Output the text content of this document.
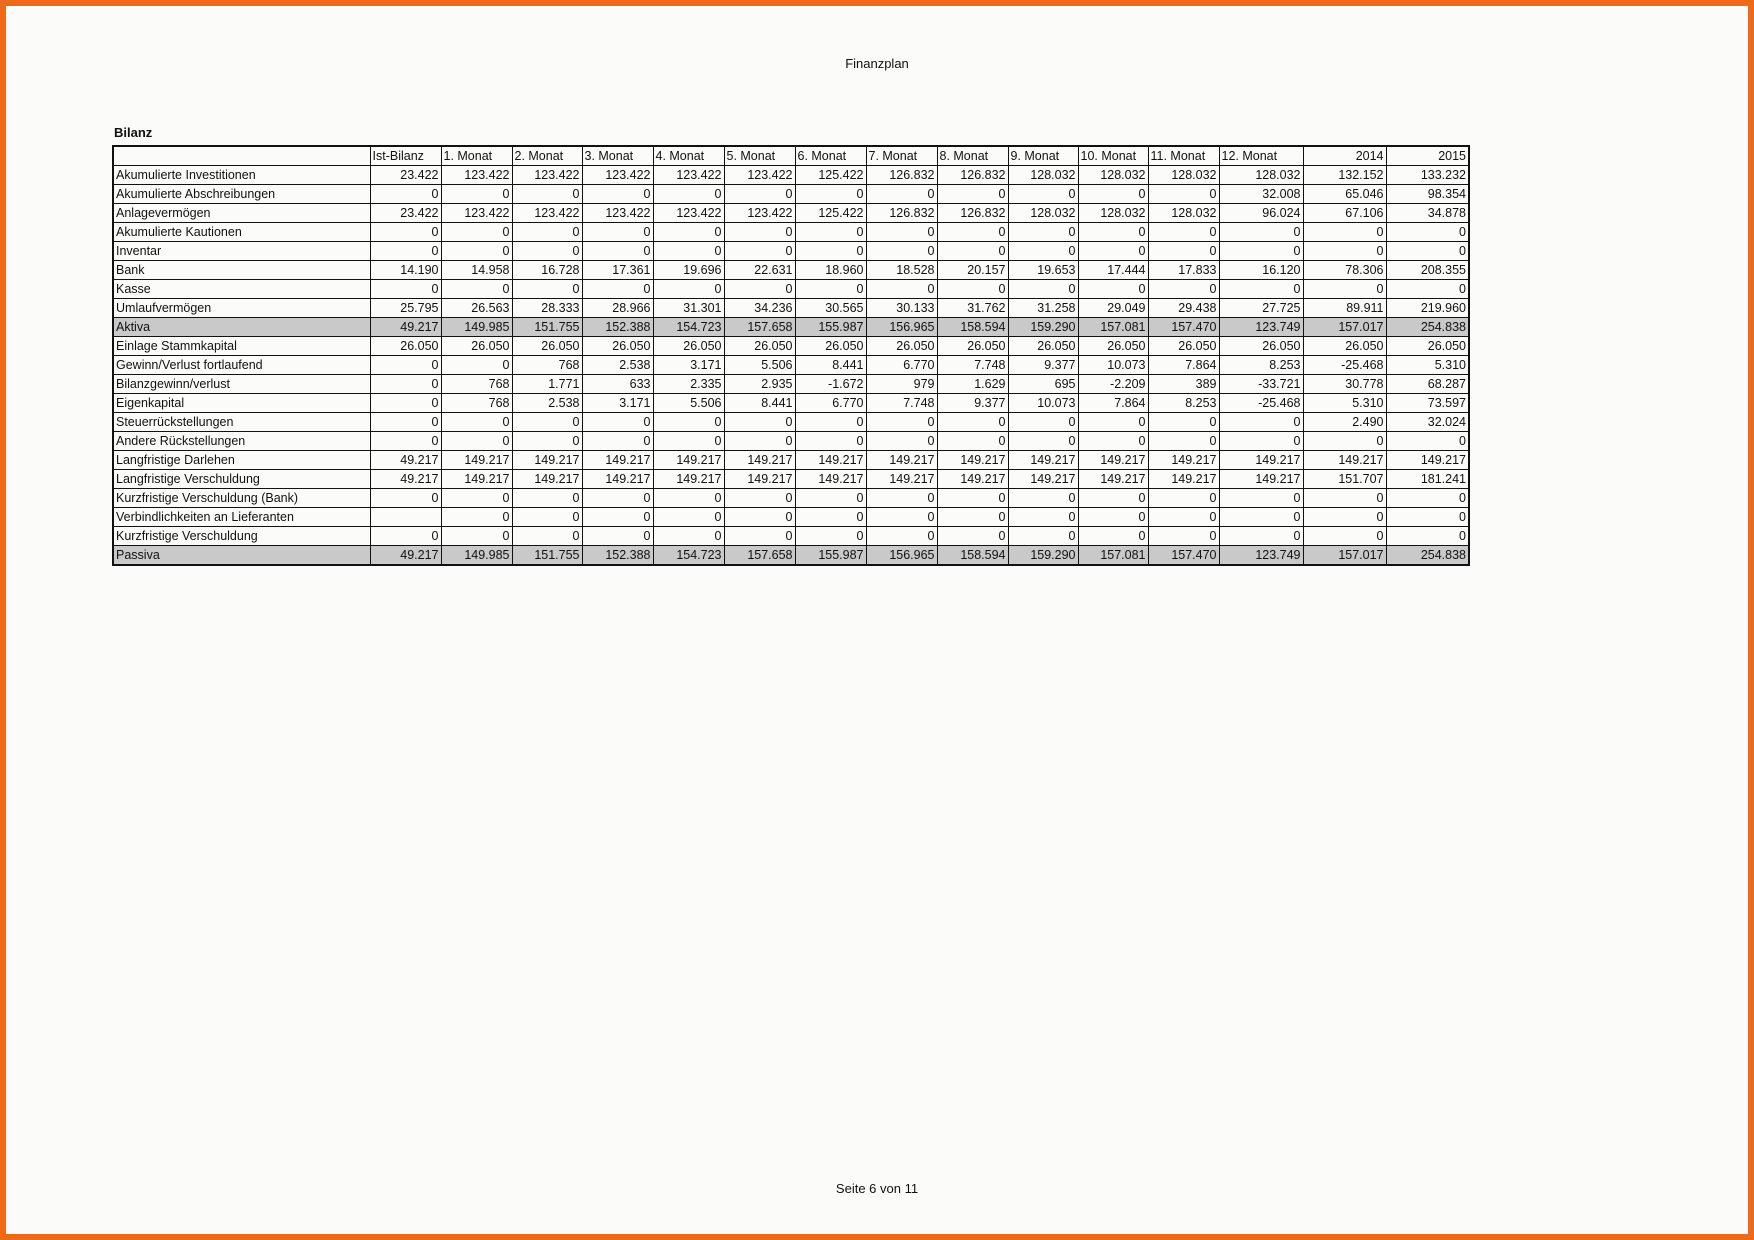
Finanzplan
Bilanz
	Ist-Bilanz	1. Monat	2. Monat	3. Monat	4. Monat	5. Monat	6. Monat	7. Monat	8. Monat	9. Monat	10. Monat	11. Monat	12. Monat	2014	2015
Akumulierte Investitionen	23.422	123.422	123.422	123.422	123.422	123.422	125.422	126.832	126.832	128.032	128.032	128.032	128.032	132.152	133.232
Akumulierte Abschreibungen	0	0	0	0	0	0	0	0	0	0	0	0	32.008	65.046	98.354
Anlagevermögen	23.422	123.422	123.422	123.422	123.422	123.422	125.422	126.832	126.832	128.032	128.032	128.032	96.024	67.106	34.878
Akumulierte Kautionen	0	0	0	0	0	0	0	0	0	0	0	0	0	0	0
Inventar	0	0	0	0	0	0	0	0	0	0	0	0	0	0	0
Bank	14.190	14.958	16.728	17.361	19.696	22.631	18.960	18.528	20.157	19.653	17.444	17.833	16.120	78.306	208.355
Kasse	0	0	0	0	0	0	0	0	0	0	0	0	0	0	0
Umlaufvermögen	25.795	26.563	28.333	28.966	31.301	34.236	30.565	30.133	31.762	31.258	29.049	29.438	27.725	89.911	219.960
Aktiva	49.217	149.985	151.755	152.388	154.723	157.658	155.987	156.965	158.594	159.290	157.081	157.470	123.749	157.017	254.838
Einlage Stammkapital	26.050	26.050	26.050	26.050	26.050	26.050	26.050	26.050	26.050	26.050	26.050	26.050	26.050	26.050	26.050
Gewinn/Verlust fortlaufend	0	0	768	2.538	3.171	5.506	8.441	6.770	7.748	9.377	10.073	7.864	8.253	-25.468	5.310
Bilanzgewinn/verlust	0	768	1.771	633	2.335	2.935	-1.672	979	1.629	695	-2.209	389	-33.721	30.778	68.287
Eigenkapital	0	768	2.538	3.171	5.506	8.441	6.770	7.748	9.377	10.073	7.864	8.253	-25.468	5.310	73.597
Steuerrückstellungen	0	0	0	0	0	0	0	0	0	0	0	0	0	2.490	32.024
Andere Rückstellungen	0	0	0	0	0	0	0	0	0	0	0	0	0	0	0
Langfristige Darlehen	49.217	149.217	149.217	149.217	149.217	149.217	149.217	149.217	149.217	149.217	149.217	149.217	149.217	149.217	149.217
Langfristige Verschuldung	49.217	149.217	149.217	149.217	149.217	149.217	149.217	149.217	149.217	149.217	149.217	149.217	149.217	151.707	181.241
Kurzfristige Verschuldung (Bank)	0	0	0	0	0	0	0	0	0	0	0	0	0	0	0
Verbindlichkeiten an Lieferanten		0	0	0	0	0	0	0	0	0	0	0	0	0	0
Kurzfristige Verschuldung	0	0	0	0	0	0	0	0	0	0	0	0	0	0	0
Passiva	49.217	149.985	151.755	152.388	154.723	157.658	155.987	156.965	158.594	159.290	157.081	157.470	123.749	157.017	254.838
Seite 6 von 11
